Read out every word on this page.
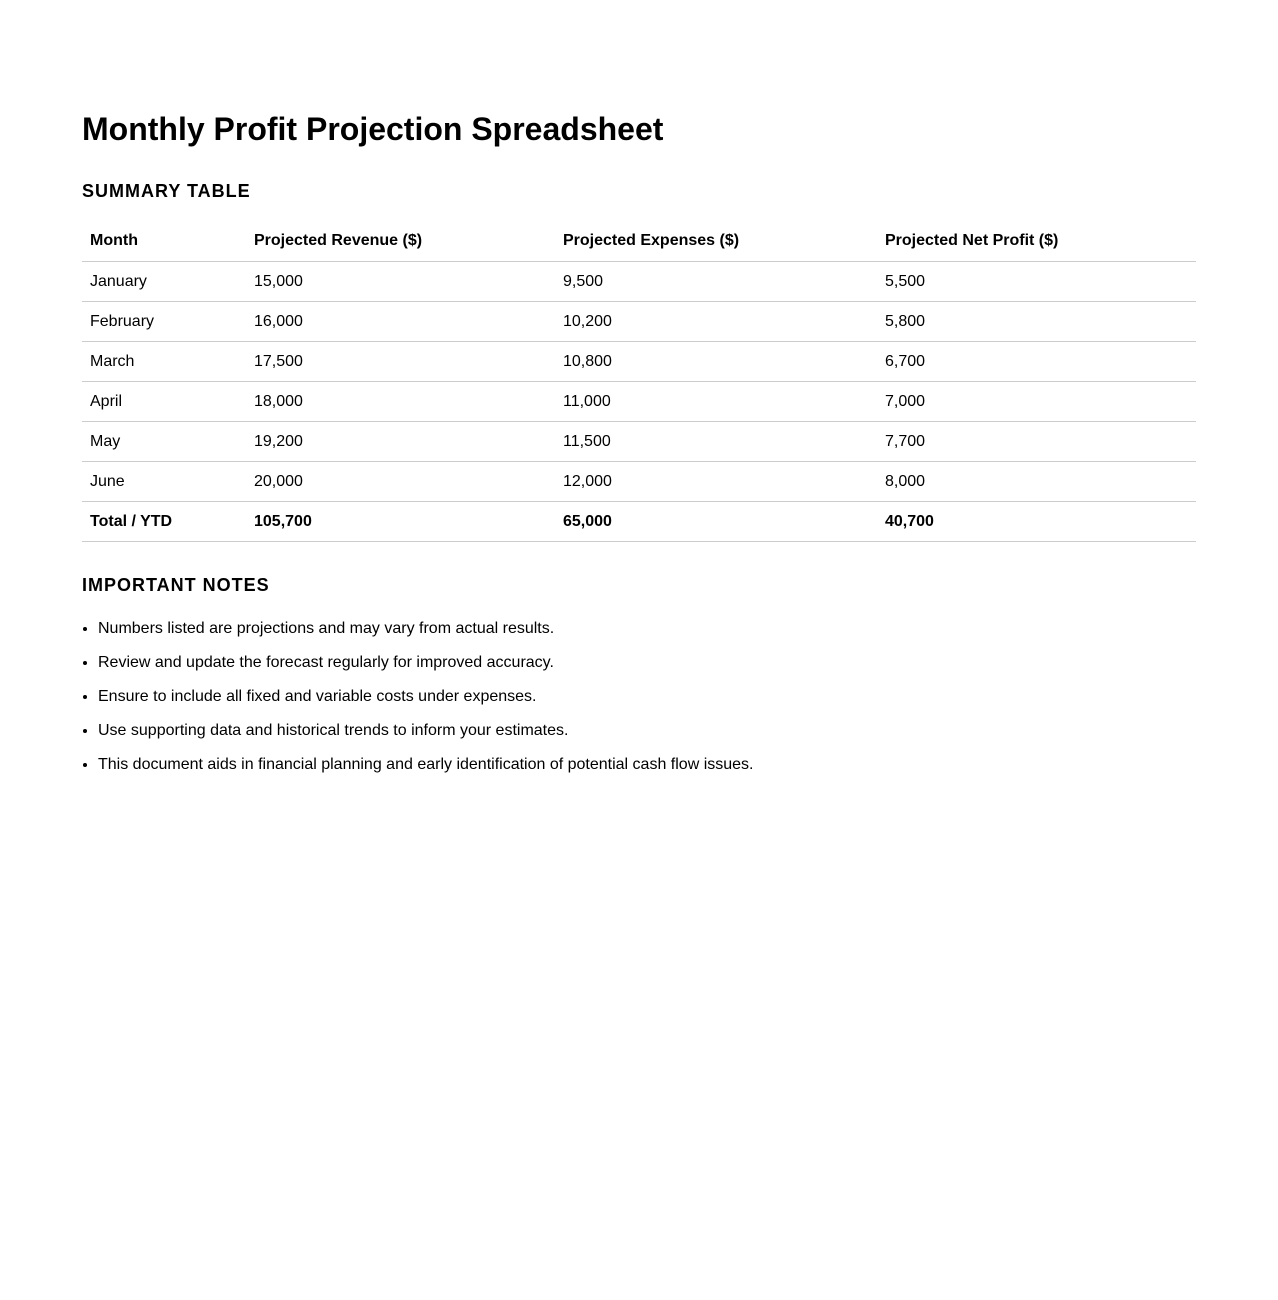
Monthly Profit Projection Spreadsheet
SUMMARY TABLE
Month	Projected Revenue ($)	Projected Expenses ($)	Projected Net Profit ($)
January	15,000	9,500	5,500
February	16,000	10,200	5,800
March	17,500	10,800	6,700
April	18,000	11,000	7,000
May	19,200	11,500	7,700
June	20,000	12,000	8,000
Total / YTD	105,700	65,000	40,700
IMPORTANT NOTES
• Numbers listed are projections and may vary from actual results.
• Review and update the forecast regularly for improved accuracy.
• Ensure to include all fixed and variable costs under expenses.
• Use supporting data and historical trends to inform your estimates.
• This document aids in financial planning and early identification of potential cash flow issues.
